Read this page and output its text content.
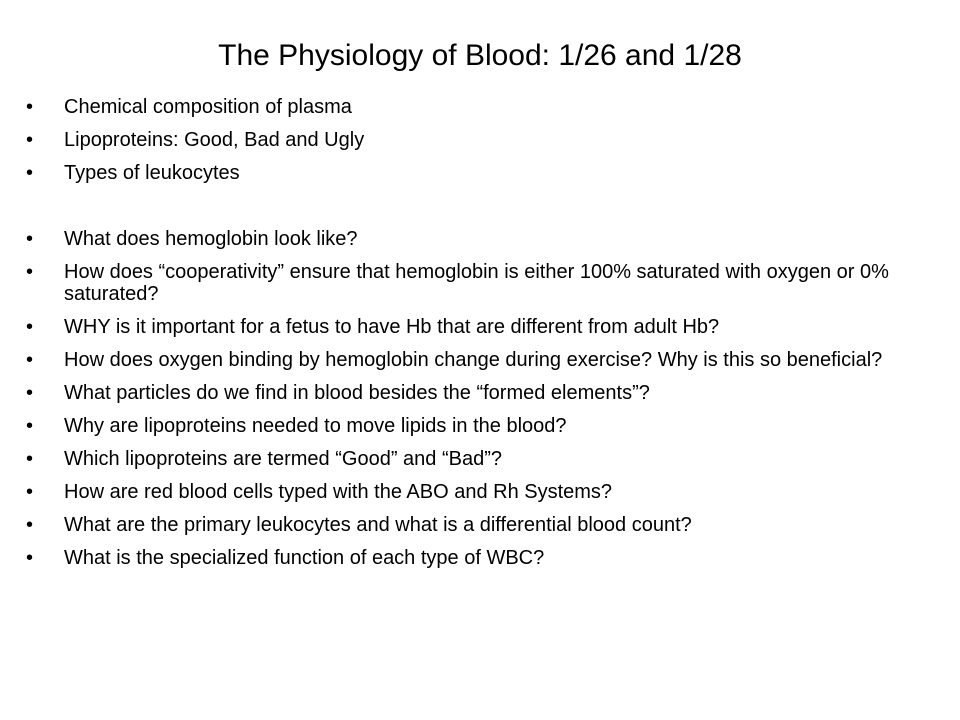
The Physiology of Blood: 1/26 and 1/28
•	Chemical composition of plasma
•	Lipoproteins: Good, Bad and Ugly
•	Types of leukocytes
•	What does hemoglobin look like?
•	How does “cooperativity” ensure that hemoglobin is either 100% saturated with oxygen or 0% saturated?
•	WHY is it important for a fetus to have Hb that are different from adult Hb?
•	How does oxygen binding by hemoglobin change during exercise? Why is this so beneficial?
•	What particles do we find in blood besides the “formed elements”?
•	Why are lipoproteins needed to move lipids in the blood?
•	Which lipoproteins are termed “Good” and “Bad”?
•	How are red blood cells typed with the ABO and Rh Systems?
•	What are the primary leukocytes and what is a differential blood count?
•	What is the specialized function of each type of WBC?
